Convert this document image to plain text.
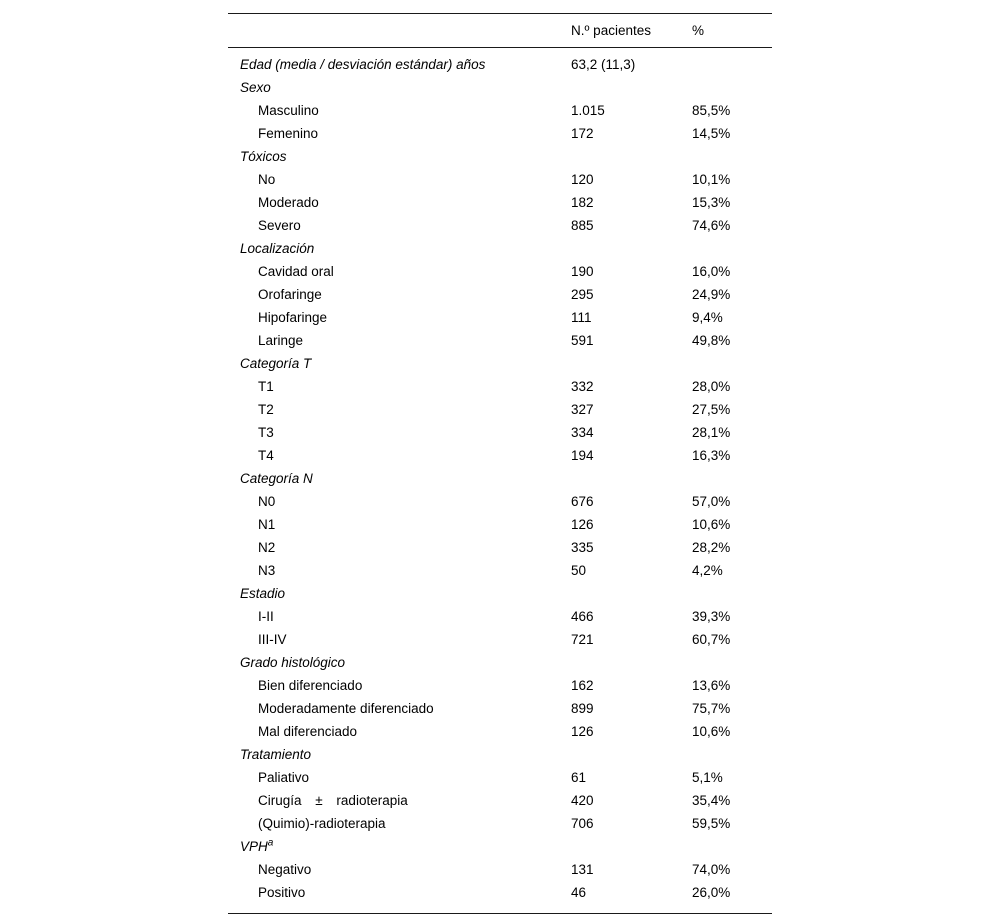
	N.º pacientes	%
Edad (media / desviación estándar) años	63,2 (11,3)	
Sexo		
Masculino	1.015	85,5%
Femenino	172	14,5%
Tóxicos		
No	120	10,1%
Moderado	182	15,3%
Severo	885	74,6%
Localización		
Cavidad oral	190	16,0%
Orofaringe	295	24,9%
Hipofaringe	111	9,4%
Laringe	591	49,8%
Categoría T		
T1	332	28,0%
T2	327	27,5%
T3	334	28,1%
T4	194	16,3%
Categoría N		
N0	676	57,0%
N1	126	10,6%
N2	335	28,2%
N3	50	4,2%
Estadio		
I-II	466	39,3%
III-IV	721	60,7%
Grado histológico		
Bien diferenciado	162	13,6%
Moderadamente diferenciado	899	75,7%
Mal diferenciado	126	10,6%
Tratamiento		
Paliativo	61	5,1%
Cirugía ± radioterapia	420	35,4%
(Quimio)-radioterapia	706	59,5%
VPH$^a$		
Negativo	131	74,0%
Positivo	46	26,0%
